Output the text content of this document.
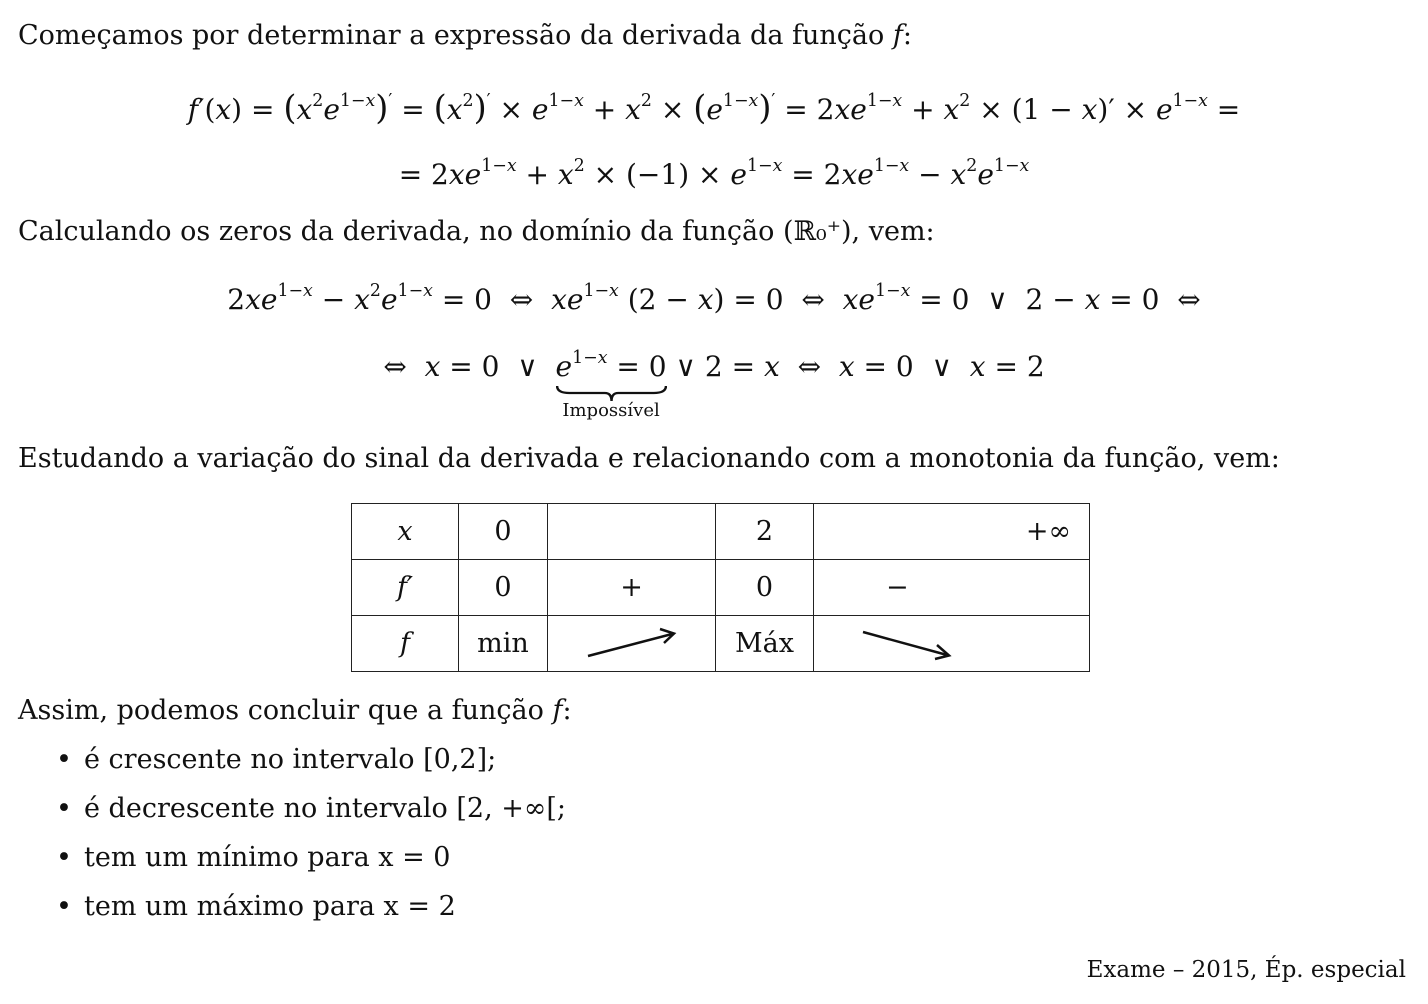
Começamos por determinar a expressão da derivada da função f:
$f'(x) = (x^2e^{1-x})' = (x^2)' \times e^{1-x} + x^2 \times (e^{1-x})' = 2xe^{1-x} + x^2 \times (1 - x)' \times e^{1-x}$ =
= $2xe^{1-x} + x^2 \times (-1) \times e^{1-x} = 2xe^{1-x} - x^2e^{1-x}$
Calculando os zeros da derivada, no domínio da função (ℝ₀⁺), vem:
$2xe^{1-x} - x^2e^{1-x} = 0$  ⇔  $xe^{1-x}$ (2 − x) = 0  ⇔  $xe^{1-x} = 0$  ∨  2 − x = 0  ⇔
⇔  x = 0  ∨  $e^{1-x} = 0$
Impossível
∨ 2 = x  ⇔  x = 0  ∨  x = 2
Estudando a variação do sinal da derivada e relacionando com a monotonia da função, vem:
x	0		2	+∞
f′	0	+	0	−
f	min		Máx	
Assim, podemos concluir que a função f:
• é crescente no intervalo [0,2];
• é decrescente no intervalo [2, +∞[;
• tem um mínimo para x = 0
• tem um máximo para x = 2
Exame – 2015, Ép. especial
